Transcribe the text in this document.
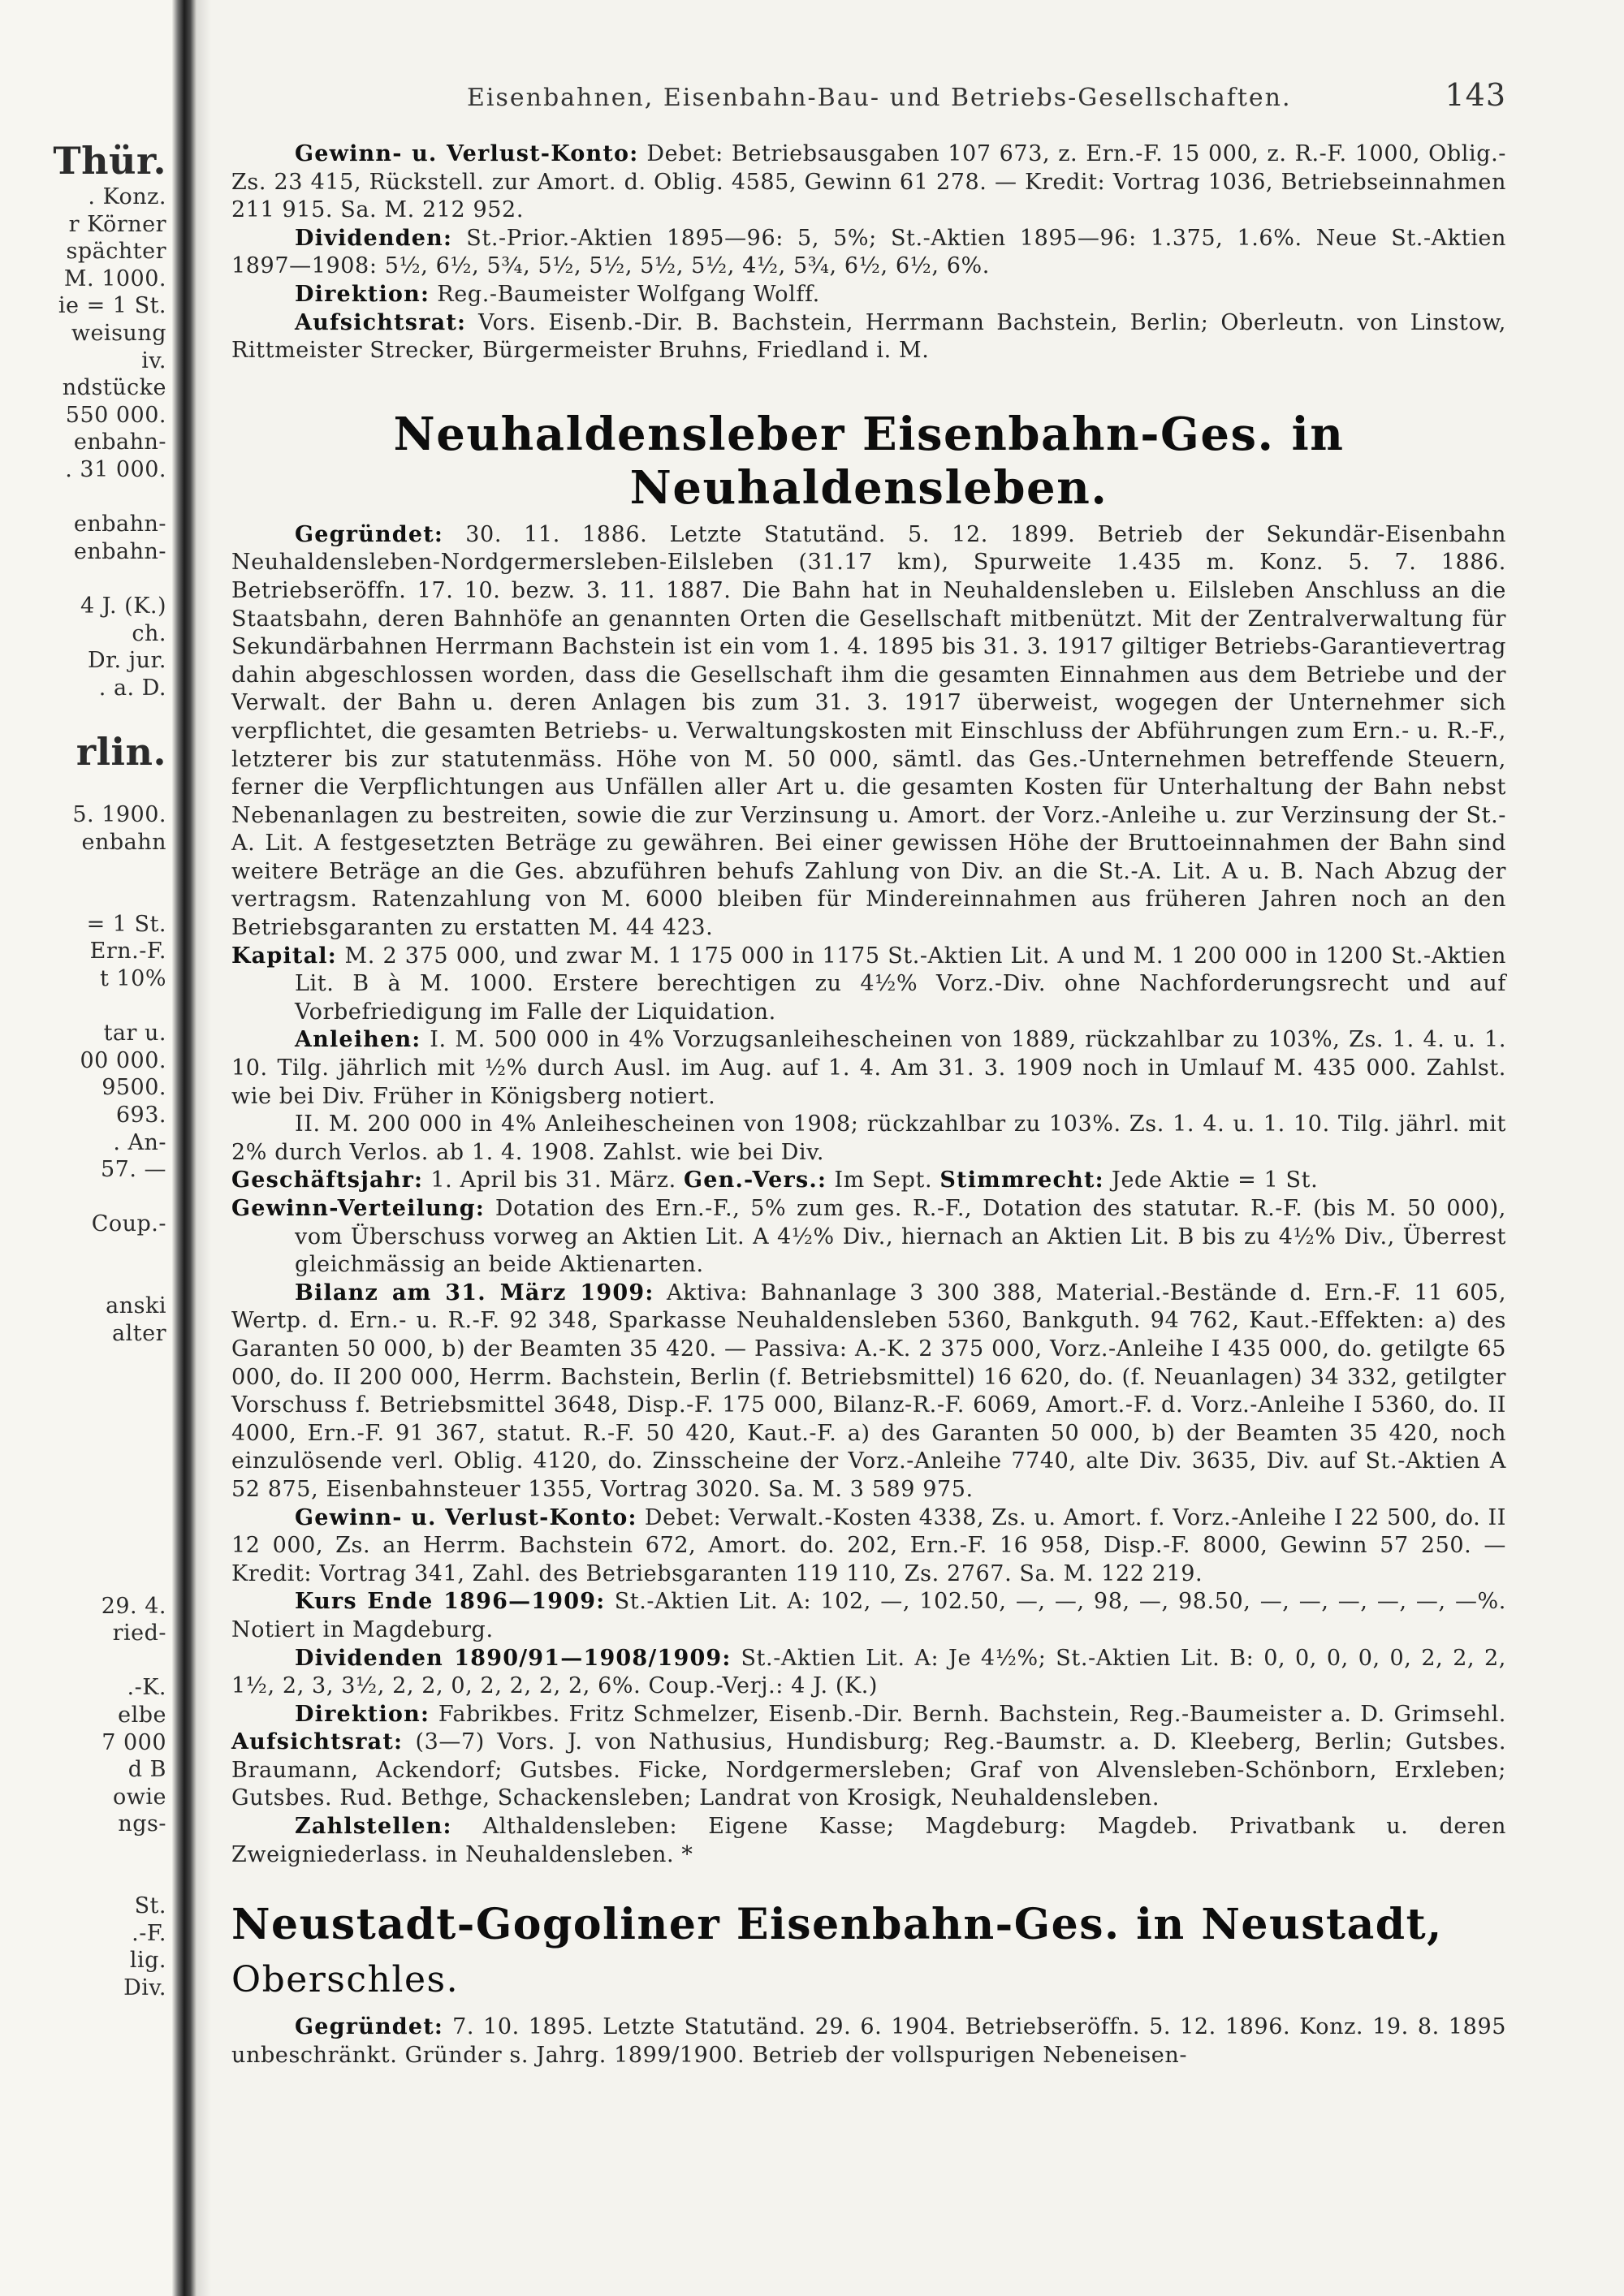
Thür.
. Konz.
r Körner
spächter
M. 1000.
ie = 1 St.
weisung
iv.
ndstücke
550 000.
enbahn-
. 31 000.
enbahn-
enbahn-
4 J. (K.)
ch.
Dr. jur.
. a. D.
rlin.
5. 1900.
enbahn
= 1 St.
Ern.-F.
t 10%
tar u.
00 000.
9500.
693.
. An-
57. —
Coup.-
anski
alter
29. 4.
ried-
.-K.
elbe
7 000
d B
owie
ngs-
St.
.-F.
lig.
Div.
Eisenbahnen, Eisenbahn-Bau- und Betriebs-Gesellschaften.	143

Gewinn- u. Verlust-Konto: Debet: Betriebsausgaben 107 673, z. Ern.-F. 15 000, z. R.-F. 1000, Oblig.-Zs. 23 415, Rückstell. zur Amort. d. Oblig. 4585, Gewinn 61 278. — Kredit: Vortrag 1036, Betriebseinnahmen 211 915. Sa. M. 212 952.

Dividenden: St.-Prior.-Aktien 1895—96: 5, 5%; St.-Aktien 1895—96: 1.375, 1.6%. Neue St.-Aktien 1897—1908: 5½, 6½, 5¾, 5½, 5½, 5½, 5½, 4½, 5¾, 6½, 6½, 6%.

Direktion: Reg.-Baumeister Wolfgang Wolff.

Aufsichtsrat: Vors. Eisenb.-Dir. B. Bachstein, Herrmann Bachstein, Berlin; Oberleutn. von Linstow, Rittmeister Strecker, Bürgermeister Bruhns, Friedland i. M.

Neuhaldensleber Eisenbahn-Ges. in Neuhaldensleben.

Gegründet: 30. 11. 1886. Letzte Statutänd. 5. 12. 1899. Betrieb der Sekundär-Eisenbahn Neuhaldensleben-Nordgermersleben-Eilsleben (31.17 km), Spurweite 1.435 m. Konz. 5. 7. 1886. Betriebseröffn. 17. 10. bezw. 3. 11. 1887. Die Bahn hat in Neuhaldensleben u. Eilsleben Anschluss an die Staatsbahn, deren Bahnhöfe an genannten Orten die Gesellschaft mitbenützt. Mit der Zentralverwaltung für Sekundärbahnen Herrmann Bachstein ist ein vom 1. 4. 1895 bis 31. 3. 1917 giltiger Betriebs-Garantievertrag dahin abgeschlossen worden, dass die Gesellschaft ihm die gesamten Einnahmen aus dem Betriebe und der Verwalt. der Bahn u. deren Anlagen bis zum 31. 3. 1917 überweist, wogegen der Unternehmer sich verpflichtet, die gesamten Betriebs- u. Verwaltungskosten mit Einschluss der Abführungen zum Ern.- u. R.-F., letzterer bis zur statutenmäss. Höhe von M. 50 000, sämtl. das Ges.-Unternehmen betreffende Steuern, ferner die Verpflichtungen aus Unfällen aller Art u. die gesamten Kosten für Unterhaltung der Bahn nebst Nebenanlagen zu bestreiten, sowie die zur Verzinsung u. Amort. der Vorz.-Anleihe u. zur Verzinsung der St.-A. Lit. A festgesetzten Beträge zu gewähren. Bei einer gewissen Höhe der Bruttoeinnahmen der Bahn sind weitere Beträge an die Ges. abzuführen behufs Zahlung von Div. an die St.-A. Lit. A u. B. Nach Abzug der vertragsm. Ratenzahlung von M. 6000 bleiben für Mindereinnahmen aus früheren Jahren noch an den Betriebsgaranten zu erstatten M. 44 423.

Kapital: M. 2 375 000, und zwar M. 1 175 000 in 1175 St.-Aktien Lit. A und M. 1 200 000 in 1200 St.-Aktien Lit. B à M. 1000. Erstere berechtigen zu 4½% Vorz.-Div. ohne Nachforderungsrecht und auf Vorbefriedigung im Falle der Liquidation.

Anleihen: I. M. 500 000 in 4% Vorzugsanleihescheinen von 1889, rückzahlbar zu 103%, Zs. 1. 4. u. 1. 10. Tilg. jährlich mit ½% durch Ausl. im Aug. auf 1. 4. Am 31. 3. 1909 noch in Umlauf M. 435 000. Zahlst. wie bei Div. Früher in Königsberg notiert.

II. M. 200 000 in 4% Anleihescheinen von 1908; rückzahlbar zu 103%. Zs. 1. 4. u. 1. 10. Tilg. jährl. mit 2% durch Verlos. ab 1. 4. 1908. Zahlst. wie bei Div.

Geschäftsjahr: 1. April bis 31. März. Gen.-Vers.: Im Sept. Stimmrecht: Jede Aktie = 1 St.

Gewinn-Verteilung: Dotation des Ern.-F., 5% zum ges. R.-F., Dotation des statutar. R.-F. (bis M. 50 000), vom Überschuss vorweg an Aktien Lit. A 4½% Div., hiernach an Aktien Lit. B bis zu 4½% Div., Überrest gleichmässig an beide Aktienarten.

Bilanz am 31. März 1909: Aktiva: Bahnanlage 3 300 388, Material.-Bestände d. Ern.-F. 11 605, Wertp. d. Ern.- u. R.-F. 92 348, Sparkasse Neuhaldensleben 5360, Bankguth. 94 762, Kaut.-Effekten: a) des Garanten 50 000, b) der Beamten 35 420. — Passiva: A.-K. 2 375 000, Vorz.-Anleihe I 435 000, do. getilgte 65 000, do. II 200 000, Herrm. Bachstein, Berlin (f. Betriebsmittel) 16 620, do. (f. Neuanlagen) 34 332, getilgter Vorschuss f. Betriebsmittel 3648, Disp.-F. 175 000, Bilanz-R.-F. 6069, Amort.-F. d. Vorz.-Anleihe I 5360, do. II 4000, Ern.-F. 91 367, statut. R.-F. 50 420, Kaut.-F. a) des Garanten 50 000, b) der Beamten 35 420, noch einzulösende verl. Oblig. 4120, do. Zinsscheine der Vorz.-Anleihe 7740, alte Div. 3635, Div. auf St.-Aktien A 52 875, Eisenbahnsteuer 1355, Vortrag 3020. Sa. M. 3 589 975.

Gewinn- u. Verlust-Konto: Debet: Verwalt.-Kosten 4338, Zs. u. Amort. f. Vorz.-Anleihe I 22 500, do. II 12 000, Zs. an Herrm. Bachstein 672, Amort. do. 202, Ern.-F. 16 958, Disp.-F. 8000, Gewinn 57 250. — Kredit: Vortrag 341, Zahl. des Betriebsgaranten 119 110, Zs. 2767. Sa. M. 122 219.

Kurs Ende 1896—1909: St.-Aktien Lit. A: 102, —, 102.50, —, —, 98, —, 98.50, —, —, —, —, —, —%. Notiert in Magdeburg.

Dividenden 1890/91—1908/1909: St.-Aktien Lit. A: Je 4½%; St.-Aktien Lit. B: 0, 0, 0, 0, 0, 2, 2, 2, 1½, 2, 3, 3½, 2, 2, 0, 2, 2, 2, 2, 6%. Coup.-Verj.: 4 J. (K.)

Direktion: Fabrikbes. Fritz Schmelzer, Eisenb.-Dir. Bernh. Bachstein, Reg.-Baumeister a. D. Grimsehl. Aufsichtsrat: (3—7) Vors. J. von Nathusius, Hundisburg; Reg.-Baumstr. a. D. Kleeberg, Berlin; Gutsbes. Braumann, Ackendorf; Gutsbes. Ficke, Nordgermersleben; Graf von Alvensleben-Schönborn, Erxleben; Gutsbes. Rud. Bethge, Schackensleben; Landrat von Krosigk, Neuhaldensleben.

Zahlstellen: Althaldensleben: Eigene Kasse; Magdeburg: Magdeb. Privatbank u. deren Zweigniederlass. in Neuhaldensleben. *

Neustadt-Gogoliner Eisenbahn-Ges. in Neustadt, Oberschles.

Gegründet: 7. 10. 1895. Letzte Statutänd. 29. 6. 1904. Betriebseröffn. 5. 12. 1896. Konz. 19. 8. 1895 unbeschränkt. Gründer s. Jahrg. 1899/1900. Betrieb der vollspurigen Nebeneisen-
